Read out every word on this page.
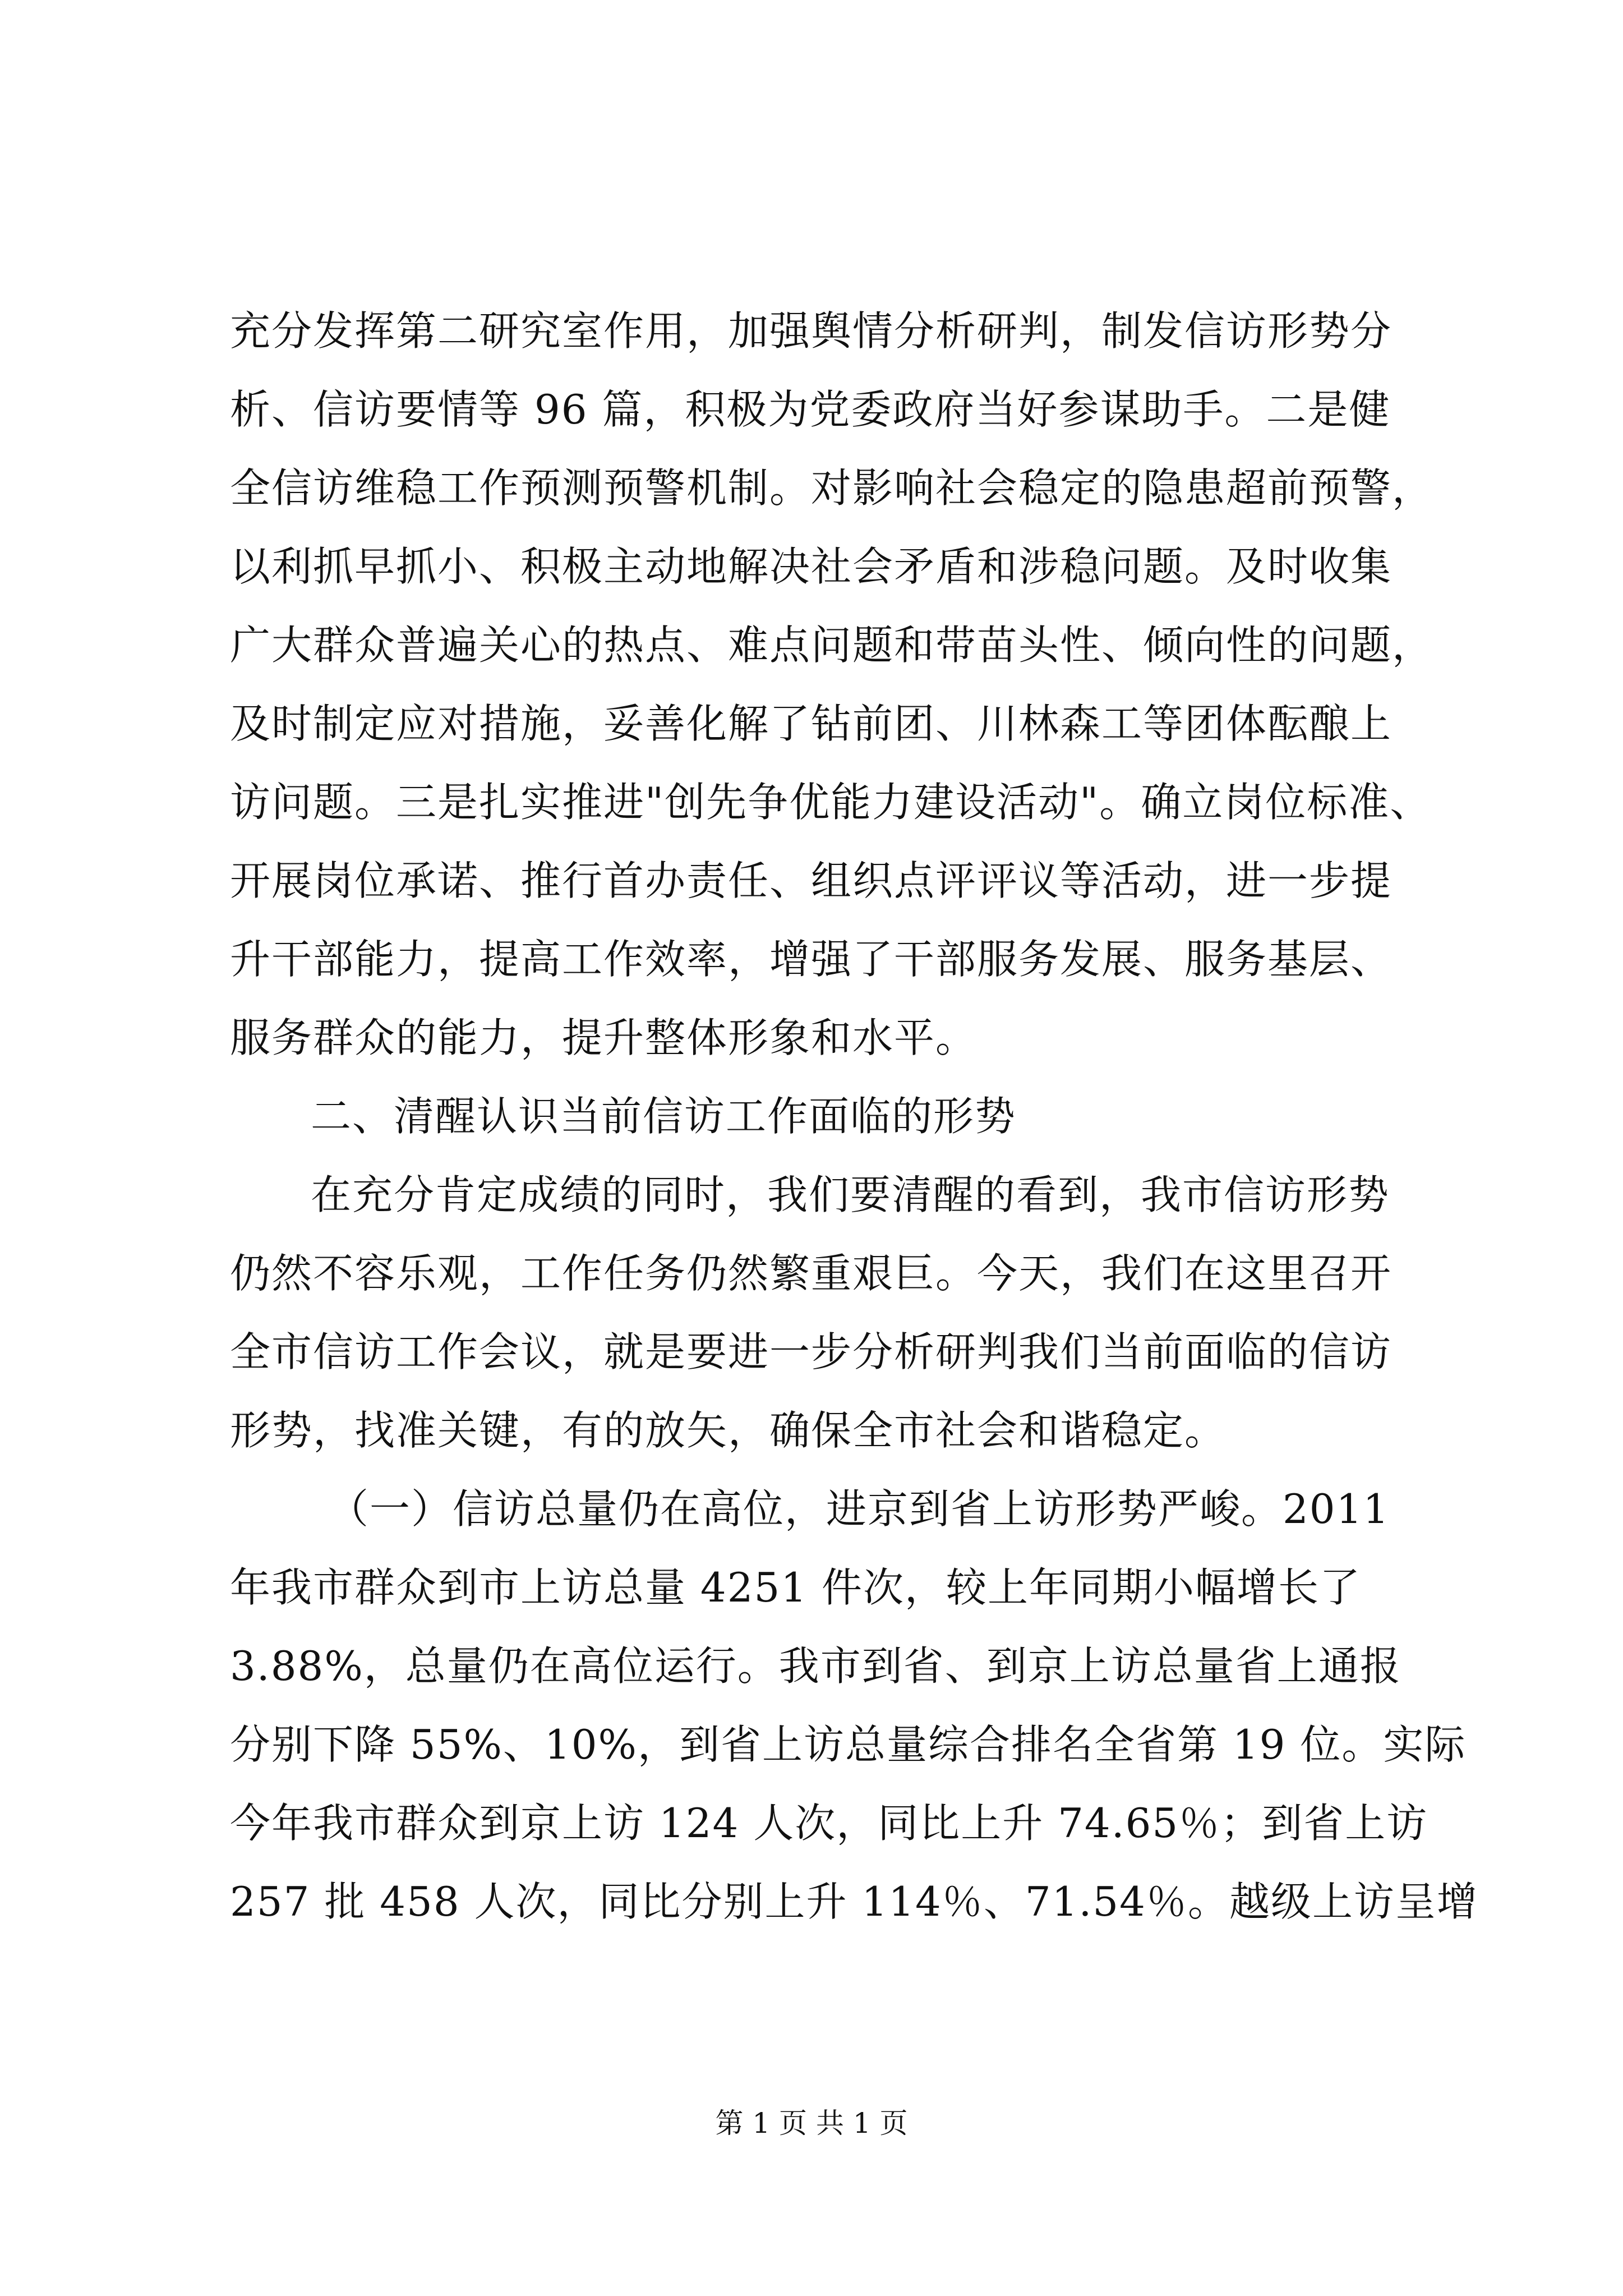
充分发挥第二研究室作用，加强舆情分析研判，制发信访形势分
析、信访要情等 96 篇，积极为党委政府当好参谋助手。二是健
全信访维稳工作预测预警机制。对影响社会稳定的隐患超前预警，
以利抓早抓小、积极主动地解决社会矛盾和涉稳问题。及时收集
广大群众普遍关心的热点、难点问题和带苗头性、倾向性的问题，
及时制定应对措施，妥善化解了钻前团、川林森工等团体酝酿上
访问题。三是扎实推进"创先争优能力建设活动"。确立岗位标准、
开展岗位承诺、推行首办责任、组织点评评议等活动，进一步提
升干部能力，提高工作效率，增强了干部服务发展、服务基层、
服务群众的能力，提升整体形象和水平。
二、清醒认识当前信访工作面临的形势
在充分肯定成绩的同时，我们要清醒的看到，我市信访形势
仍然不容乐观，工作任务仍然繁重艰巨。今天，我们在这里召开
全市信访工作会议，就是要进一步分析研判我们当前面临的信访
形势，找准关键，有的放矢，确保全市社会和谐稳定。
（一）信访总量仍在高位，进京到省上访形势严峻。2011
年我市群众到市上访总量 4251 件次，较上年同期小幅增长了
3.88%，总量仍在高位运行。我市到省、到京上访总量省上通报
分别下降 55%、10%，到省上访总量综合排名全省第 19 位。实际
今年我市群众到京上访 124 人次，同比上升 74.65％；到省上访
257 批 458 人次，同比分别上升 114％、71.54％。越级上访呈增
第 1 页 共 1 页
